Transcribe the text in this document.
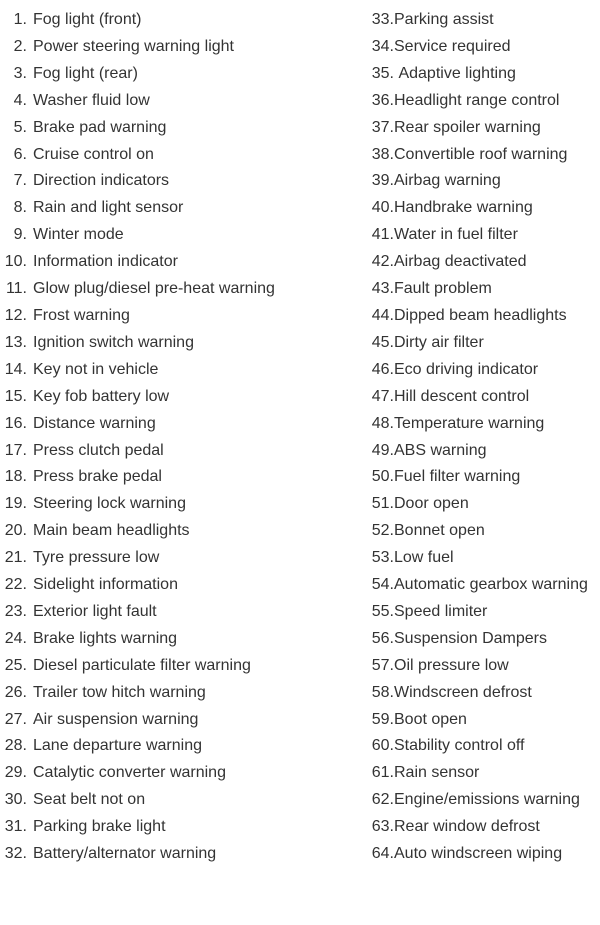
1. Fog light (front)
2. Power steering warning light
3. Fog light (rear)
4. Washer fluid low
5. Brake pad warning
6. Cruise control on
7. Direction indicators
8. Rain and light sensor
9. Winter mode
10. Information indicator
11. Glow plug/diesel pre-heat warning
12. Frost warning
13. Ignition switch warning
14. Key not in vehicle
15. Key fob battery low
16. Distance warning
17. Press clutch pedal
18. Press brake pedal
19. Steering lock warning
20. Main beam headlights
21. Tyre pressure low
22. Sidelight information
23. Exterior light fault
24. Brake lights warning
25. Diesel particulate filter warning
26. Trailer tow hitch warning
27. Air suspension warning
28. Lane departure warning
29. Catalytic converter warning
30. Seat belt not on
31. Parking brake light
32. Battery/alternator warning
33. Parking assist
34. Service required
35. Adaptive lighting
36. Headlight range control
37. Rear spoiler warning
38. Convertible roof warning
39. Airbag warning
40. Handbrake warning
41. Water in fuel filter
42. Airbag deactivated
43. Fault problem
44. Dipped beam headlights
45. Dirty air filter
46. Eco driving indicator
47. Hill descent control
48. Temperature warning
49. ABS warning
50. Fuel filter warning
51. Door open
52. Bonnet open
53. Low fuel
54. Automatic gearbox warning
55. Speed limiter
56. Suspension Dampers
57. Oil pressure low
58. Windscreen defrost
59. Boot open
60. Stability control off
61. Rain sensor
62. Engine/emissions warning
63. Rear window defrost
64. Auto windscreen wiping
